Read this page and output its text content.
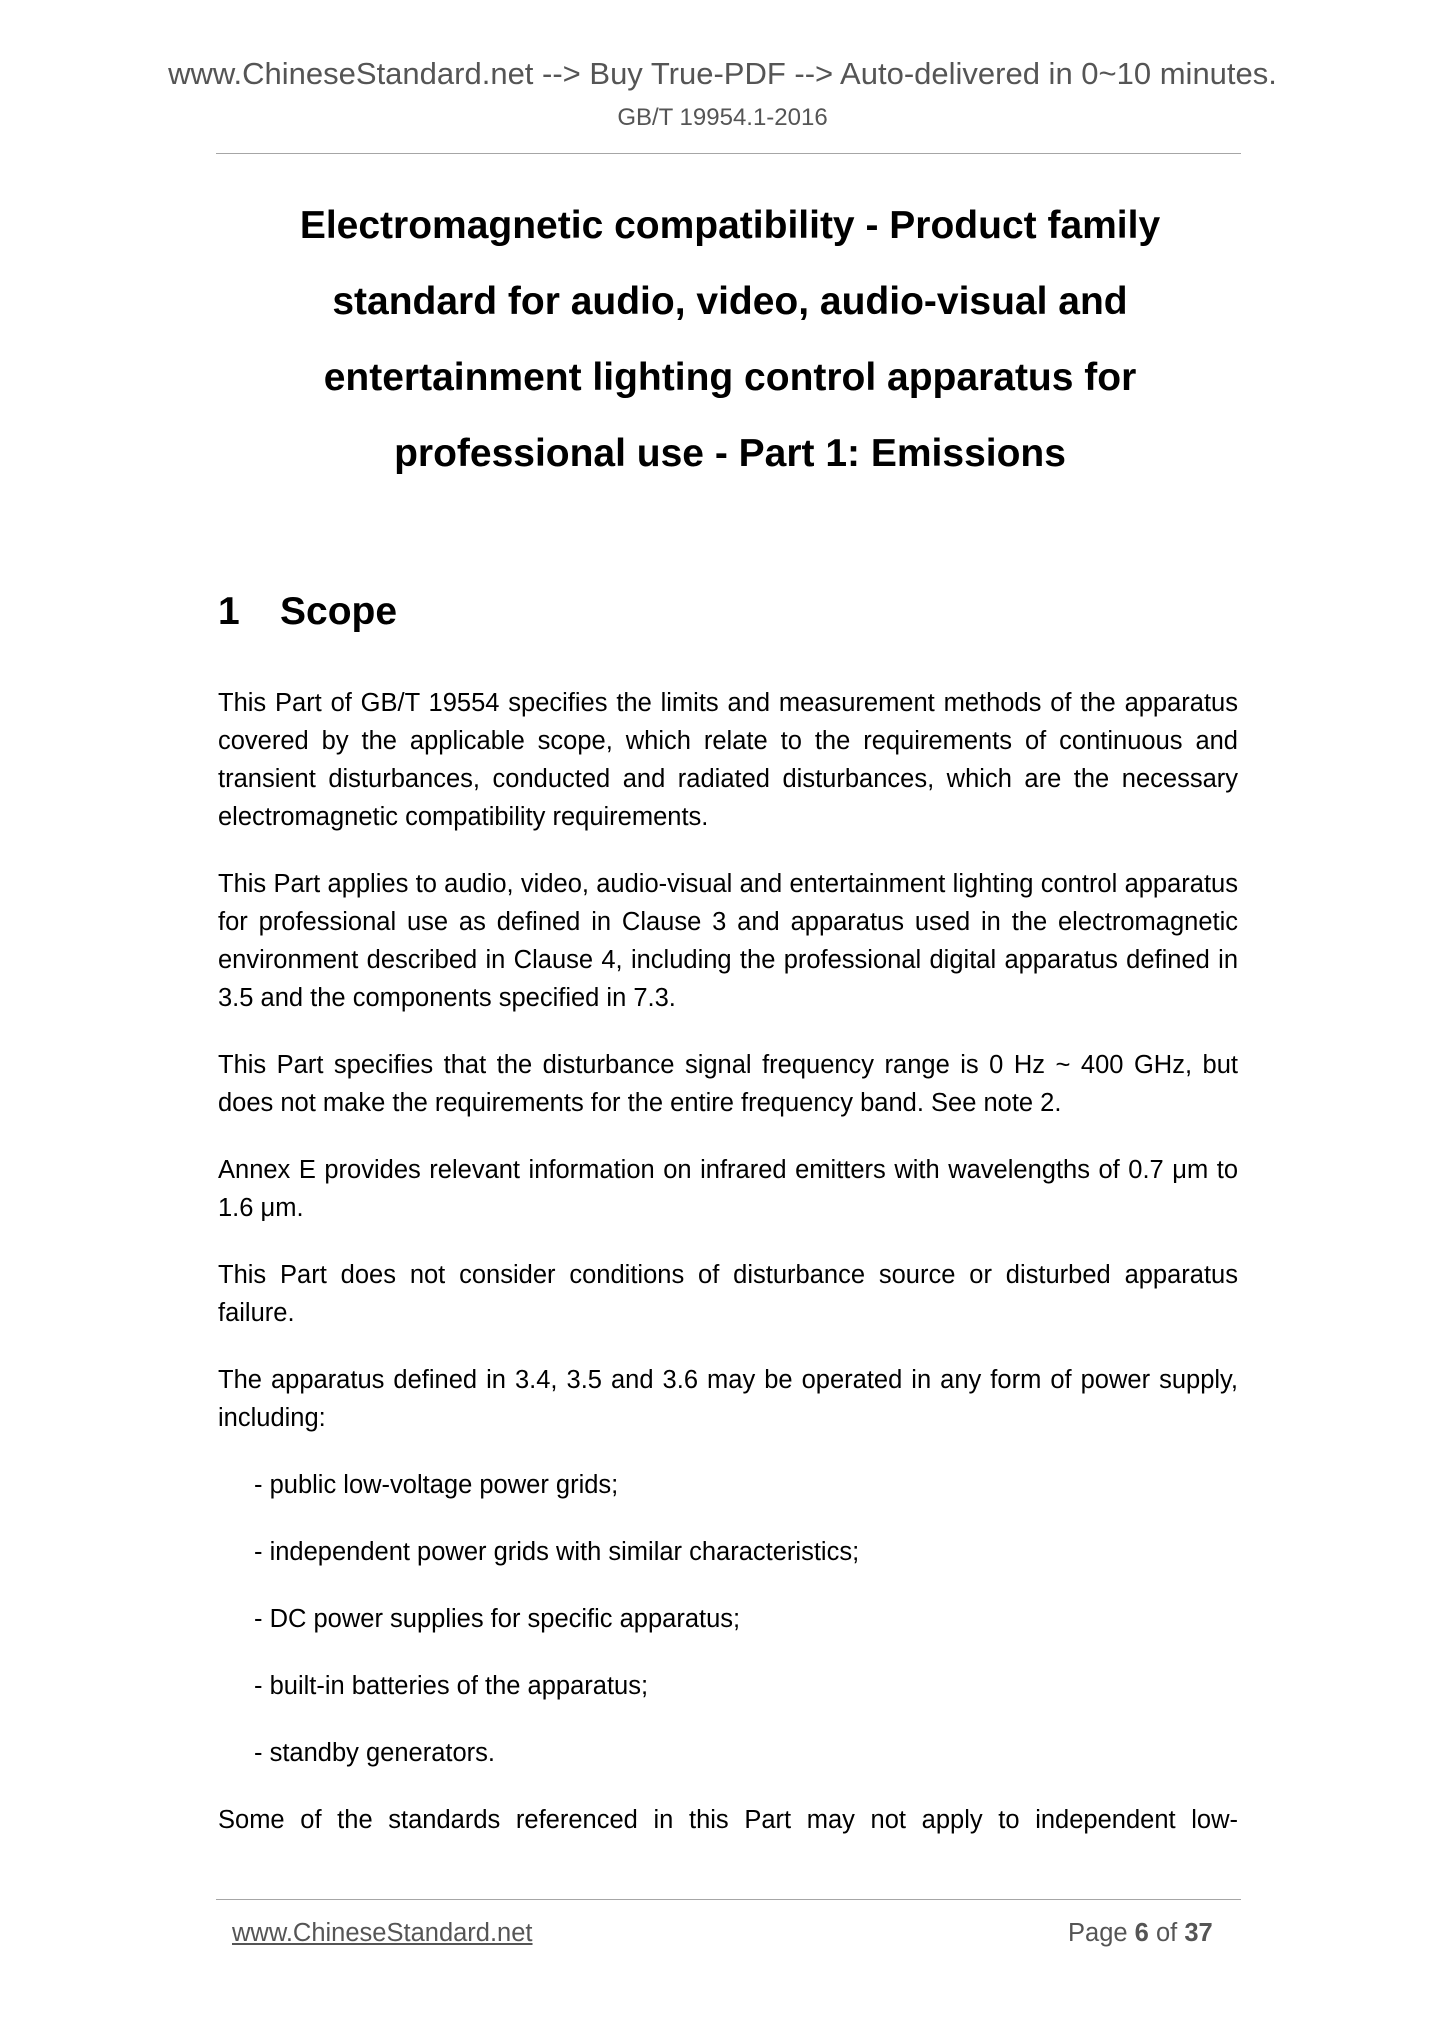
www.ChineseStandard.net --> Buy True-PDF --> Auto-delivered in 0~10 minutes.
GB/T 19954.1-2016
Electromagnetic compatibility - Product family
standard for audio, video, audio-visual and
entertainment lighting control apparatus for
professional use - Part 1: Emissions
1 Scope

This Part of GB/T 19554 specifies the limits and measurement methods of the apparatus covered by the applicable scope, which relate to the requirements of continuous and transient disturbances, conducted and radiated disturbances, which are the necessary electromagnetic compatibility requirements.

This Part applies to audio, video, audio-visual and entertainment lighting control apparatus for professional use as defined in Clause 3 and apparatus used in the electromagnetic environment described in Clause 4, including the professional digital apparatus defined in 3.5 and the components specified in 7.3.

This Part specifies that the disturbance signal frequency range is 0 Hz ~ 400 GHz, but does not make the requirements for the entire frequency band. See note 2.

Annex E provides relevant information on infrared emitters with wavelengths of 0.7 μm to 1.6 μm.

This Part does not consider conditions of disturbance source or disturbed apparatus failure.

The apparatus defined in 3.4, 3.5 and 3.6 may be operated in any form of power supply, including:

- public low-voltage power grids;
- independent power grids with similar characteristics;
- DC power supplies for specific apparatus;
- built-in batteries of the apparatus;
- standby generators.

Some of the standards referenced in this Part may not apply to independent low-

www.ChineseStandard.net	Page 6 of 37
